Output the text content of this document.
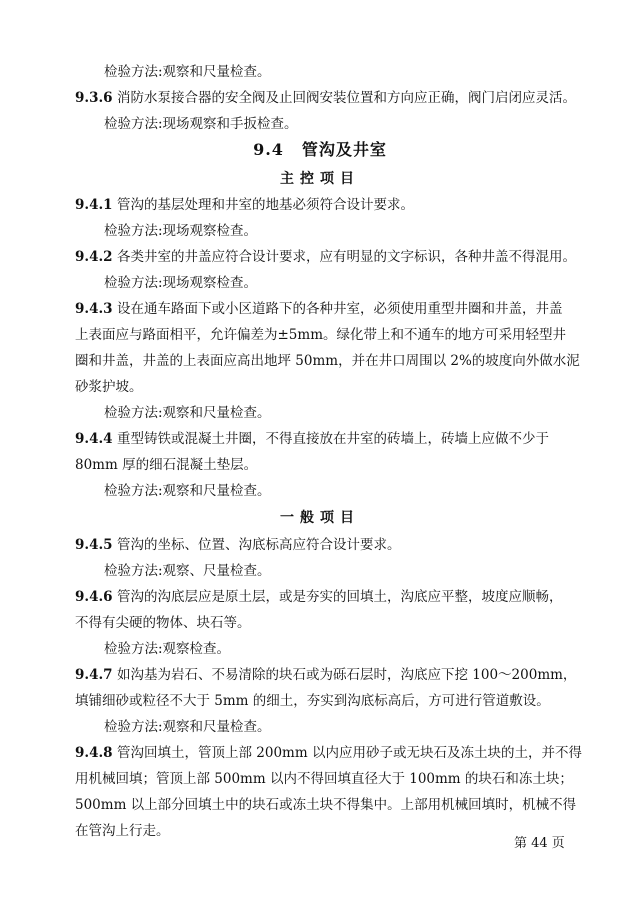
检验方法:观察和尺量检查。
9.3.6 消防水泵接合器的安全阀及止回阀安装位置和方向应正确，阀门启闭应灵活。
检验方法:现场观察和手扳检查。
9.4 管沟及井室
主控项目
9.4.1 管沟的基层处理和井室的地基必须符合设计要求。
检验方法:现场观察检查。
9.4.2 各类井室的井盖应符合设计要求，应有明显的文字标识，各种井盖不得混用。
检验方法:现场观察检查。
9.4.3 设在通车路面下或小区道路下的各种井室，必须使用重型井圈和井盖，井盖
上表面应与路面相平，允许偏差为±5mm。绿化带上和不通车的地方可采用轻型井
圈和井盖，井盖的上表面应高出地坪 50mm，并在井口周围以 2%的坡度向外做水泥
砂浆护坡。
检验方法:观察和尺量检查。
9.4.4 重型铸铁或混凝土井圈，不得直接放在井室的砖墙上，砖墙上应做不少于
80mm 厚的细石混凝土垫层。
检验方法:观察和尺量检查。
一般项目
9.4.5 管沟的坐标、位置、沟底标高应符合设计要求。
检验方法:观察、尺量检查。
9.4.6 管沟的沟底层应是原土层，或是夯实的回填土，沟底应平整，坡度应顺畅，
不得有尖硬的物体、块石等。
检验方法:观察检查。
9.4.7 如沟基为岩石、不易清除的块石或为砾石层时，沟底应下挖 100～200mm，
填铺细砂或粒径不大于 5mm 的细土，夯实到沟底标高后，方可进行管道敷设。
检验方法:观察和尺量检查。
9.4.8 管沟回填土，管顶上部 200mm 以内应用砂子或无块石及冻土块的土，并不得
用机械回填；管顶上部 500mm 以内不得回填直径大于 100mm 的块石和冻土块；
500mm 以上部分回填土中的块石或冻土块不得集中。上部用机械回填时，机械不得
在管沟上行走。
第 44 页
